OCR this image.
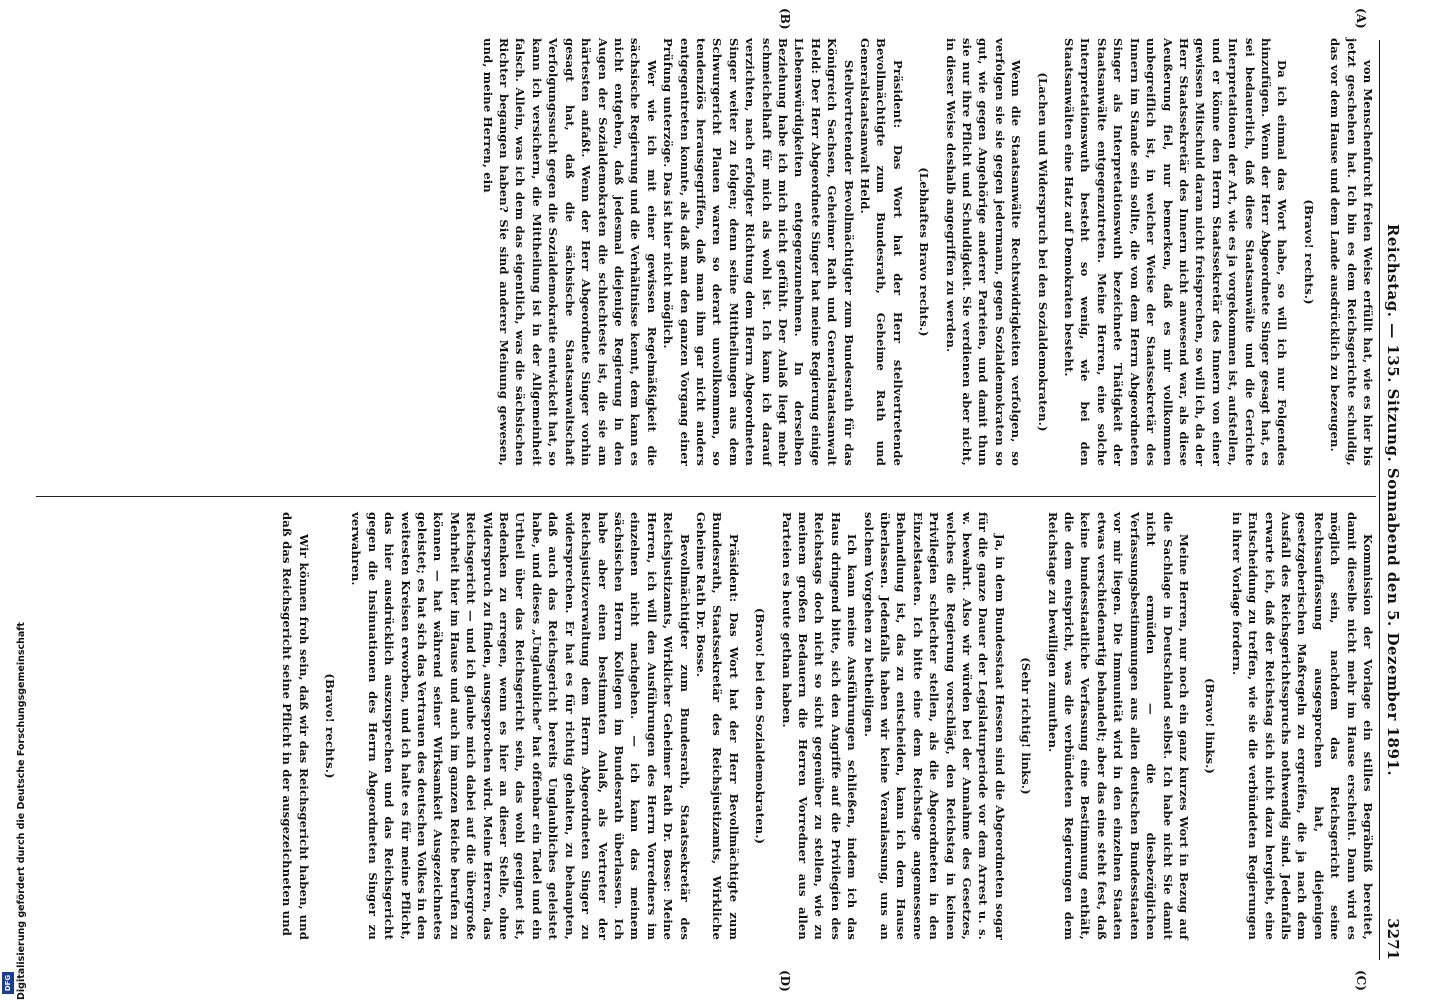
Reichstag. — 135. Sitzung. Sonnabend den 5. Dezember 1891.
3271
(A)
(B)
(C)
(D)

von Menschenfurcht freien Weise erfüllt hat, wie es hier bis jetzt geschehen hat. Ich bin es dem Reichsgerichte schuldig, das vor dem Hause und dem Lande ausdrücklich zu bezeugen.

(Bravo! rechts.)

Da ich einmal das Wort habe, so will ich nur Folgendes hinzufügen. Wenn der Herr Abgeordnete Singer gesagt hat, es sei bedauerlich, daß diese Staatsanwälte und die Gerichte Interpretationen der Art, wie es ja vorgekommen ist, aufstellen, und er könne den Herrn Staatssekretär des Innern von einer gewissen Mitschuld daran nicht freisprechen, so will ich, da der Herr Staatssekretär des Innern nicht anwesend war, als diese Aeußerung fiel, nur bemerken, daß es mir vollkommen unbegreiflich ist, in welcher Weise der Staatssekretär des Innern im Stande sein sollte, die von dem Herrn Abgeordneten Singer als Interpretationswuth bezeichnete Thätigkeit der Staatsanwälte entgegenzutreten. Meine Herren, eine solche Interpretationswuth besteht so wenig, wie bei den Staatsanwälten eine Hatz auf Demokraten besteht.

(Lachen und Widerspruch bei den Sozialdemokraten.)

Wenn die Staatsanwälte Rechtswidrigkeiten verfolgen, so verfolgen sie sie gegen jedermann, gegen Sozialdemokraten so gut, wie gegen Angehörige anderer Parteien, und damit thun sie nur ihre Pflicht und Schuldigkeit. Sie verdienen aber nicht, in dieser Weise deshalb angegriffen zu werden.

(Lebhaftes Bravo rechts.)

Präsident: Das Wort hat der Herr stellvertretende Bevollmächtigte zum Bundesrath, Geheime Rath und Generalstaatsanwalt Held.

Stellvertretender Bevollmächtigter zum Bundesrath für das Königreich Sachsen, Geheimer Rath und Generalstaatsanwalt Held: Der Herr Abgeordnete Singer hat meine Regierung einige Liebenswürdigkeiten entgegenzunehmen. In derselben Beziehung habe ich mich nicht gefühlt. Der Anlaß liegt mehr schmeichelhaft für mich als wohl ist. Ich kann ich darauf verzichten, nach erfolgter Richtung dem Herrn Abgeordneten Singer weiter zu folgen; denn seine Mittheilungen aus dem Schwurgericht Plauen waren so derart unvollkommen, so tendenziös herausgegriffen, daß man ihm gar nicht anders entgegentreten konnte, als daß man den ganzen Vorgang einer Prüfung unterzöge. Das ist hier nicht möglich.

Wer wie ich mit einer gewissen Regelmäßigkeit die sächsische Regierung und die Verhältnisse kennt, dem kann es nicht entgehen, daß jedesmal diejenige Regierung in den Augen der Sozialdemokraten die schlechteste ist, die sie am härtesten anfaßt. Wenn der Herr Abgeordnete Singer vorhin gesagt hat, daß die sächsische Staatsanwaltschaft Verfolgungssucht gegen die Sozialdemokratie entwickelt hat, so kann ich versichern, die Mittheilung ist in der Allgemeinheit falsch. Allein, was ich dem das eigentlich, was die sächsischen Richter begangen haben? Sie sind anderer Meinung gewesen, und, meine Herren, ein

Kommission der Vorlage ein stilles Begräbniß bereitet, damit dieselbe nicht mehr im Hause erscheint. Dann wird es möglich sein, nachdem das Reichsgericht seine Rechtsauffassung ausgesprochen hat, diejenigen gesetzgeberischen Maßregeln zu ergreifen, die ja nach dem Ausfall des Reichsgerichtsspruchs nothwendig sind. Jedenfalls erwarte ich, daß der Reichstag sich nicht dazu hergiebt, eine Entscheidung zu treffen, wie sie die verbündeten Regierungen in ihrer Vorlage fordern.

(Bravo! links.)

Meine Herren, nur noch ein ganz kurzes Wort in Bezug auf die Sachlage in Deutschland selbst. Ich habe nicht Sie damit nicht ermüden — die diesbezüglichen Verfassungsbestimmungen aus allen deutschen Bundesstaaten vor mir liegen. Die Immunität wird in den einzelnen Staaten etwas verschiedenartig behandelt; aber das eine steht fest, daß keine bundesstaatliche Verfassung eine Bestimmung enthält, die dem entspricht, was die verbündeten Regierungen dem Reichstage zu bewilligen zumuthen.

(Sehr richtig! links.)

Ja, in dem Bundesstaat Hessen sind die Abgeordneten sogar für die ganze Dauer der Legislaturperiode vor dem Arrest u. s. w. bewahrt. Also wir würden bei der Annahme des Gesetzes, welches die Regierung vorschlägt, den Reichstag in keinen Privilegien schlechter stellen, als die Abgeordneten in den Einzelstaaten. Ich bitte eine dem Reichstage angemessene Behandlung ist, das zu entscheiden, kann ich dem Hause überlassen. Jedenfalls haben wir keine Veranlassung, uns an solchem Vorgehen zu betheiligen.

Ich kann meine Ausführungen schließen, indem ich das Haus dringend bitte, sich den Angriffe auf die Privilegien des Reichstags doch nicht so sicht gegenüber zu stellen, wie zu meinem großen Bedauern die Herren Vorredner aus allen Parteien es heute gethan haben.

(Bravo! bei den Sozialdemokraten.)

Präsident: Das Wort hat der Herr Bevollmächtigte zum Bundesrath, Staatssekretär des Reichsjustizamts, Wirkliche Geheime Rath Dr. Bosse.

Bevollmächtigter zum Bundesrath, Staatssekretär des Reichsjustizamts, Wirklicher Geheimer Rath Dr. Bosse: Meine Herren, ich will den Ausführungen des Herrn Vorredners im einzelnen nicht nachgehen. — ich kann das meinem sächsischen Herrn Kollegen im Bundesrath überlassen. Ich habe aber einen bestimmten Anlaß, als Vertreter der Reichsjustizverwaltung dem Herrn Abgeordneten Singer zu widersprechen. Er hat es für richtig gehalten, zu behaupten, daß auch das Reichsgericht bereits Unglaubliches geleistet habe, und dieses „Unglaubliche“ hat offenbar ein Tadel und ein Urtheil über das Reichsgericht sein, das wohl geeignet ist, Bedenken zu erregen, wenn es hier an dieser Stelle, ohne Widerspruch zu finden, ausgesprochen wird. Meine Herren, das Reichsgericht — und ich glaube mich dabei auf die übergroße Mehrheit hier im Hause und auch im ganzen Reiche berufen zu können — hat während seiner Wirksamkeit Ausgezeichnetes geleistet; es hat sich das Vertrauen des deutschen Volkes in den weitesten Kreisen erworben, und ich halte es für meine Pflicht, das hier ausdrücklich auszusprechen und das Reichsgericht gegen die Insinuationen des Herrn Abgeordneten Singer zu verwahren.

(Bravo! rechts.)

Wir können froh sein, daß wir das Reichsgericht haben, und daß das Reichsgericht seine Pflicht in der ausgezeichneten und

Digitalisierung gefördert durch die Deutsche Forschungsgemeinschaft
DFG
